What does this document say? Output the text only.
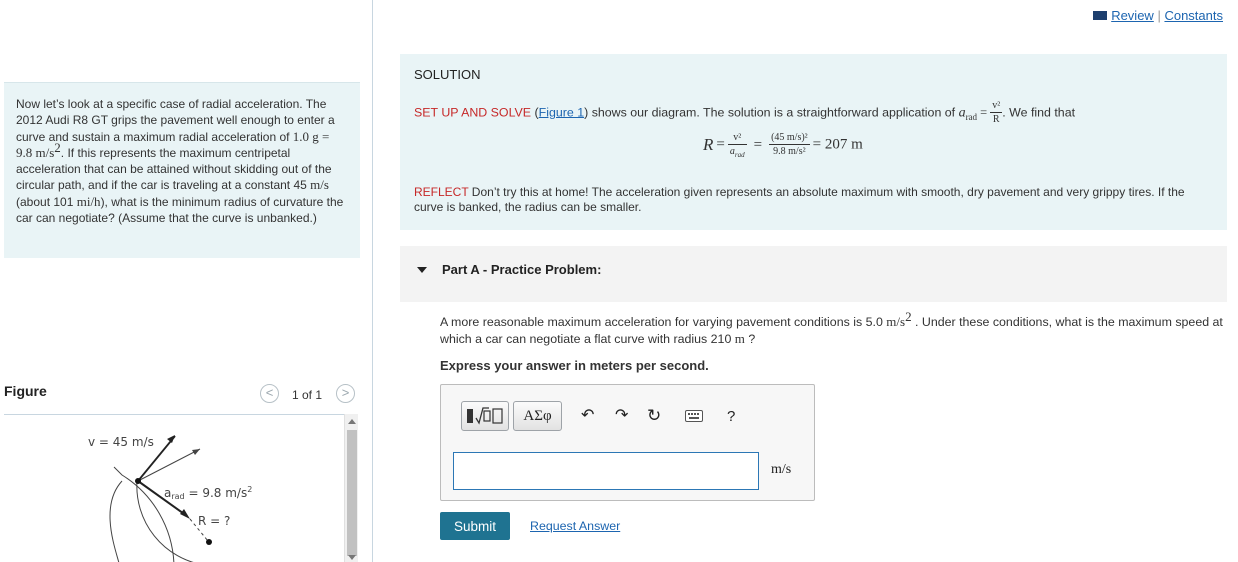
Now let’s look at a specific case of radial acceleration. The 2012 Audi R8 GT grips the pavement well enough to enter a curve and sustain a maximum radial acceleration of 1.0 g = 9.8 $m/s^2$. If this represents the maximum centripetal acceleration that can be attained without skidding out of the circular path, and if the car is traveling at a constant 45 m/s (about 101 mi/h), what is the minimum radius of curvature the car can negotiate? (Assume that the curve is unbanked.)
Figure	<	1 of 1	>
v = 45 m/s
arad = 9.8 $m/s^2$
R = ?
Review | Constants
SOLUTION
SET UP AND SOLVE (Figure 1) shows our diagram. The solution is a straightforward application of $a_{rad} = \frac{\text{v²}}{R}$ . We find that
$R = \frac{\text{v²}}{a_{rad}} = \frac{\text{(45 m/s)²}}{\text{9.8 m/s²}} = 207$ m
REFLECT Don’t try this at home! The acceleration given represents an absolute maximum with smooth, dry pavement and very grippy tires. If the curve is banked, the radius can be smaller.
Part A - Practice Problem:
A more reasonable maximum acceleration for varying pavement conditions is 5.0 $m/s^2$ . Under these conditions, what is the maximum speed at which a car can negotiate a flat curve with radius 210 m ?
Express your answer in meters per second.
AΣφ	↶ ↷ ↻	?
m/s
Submit	Request Answer
